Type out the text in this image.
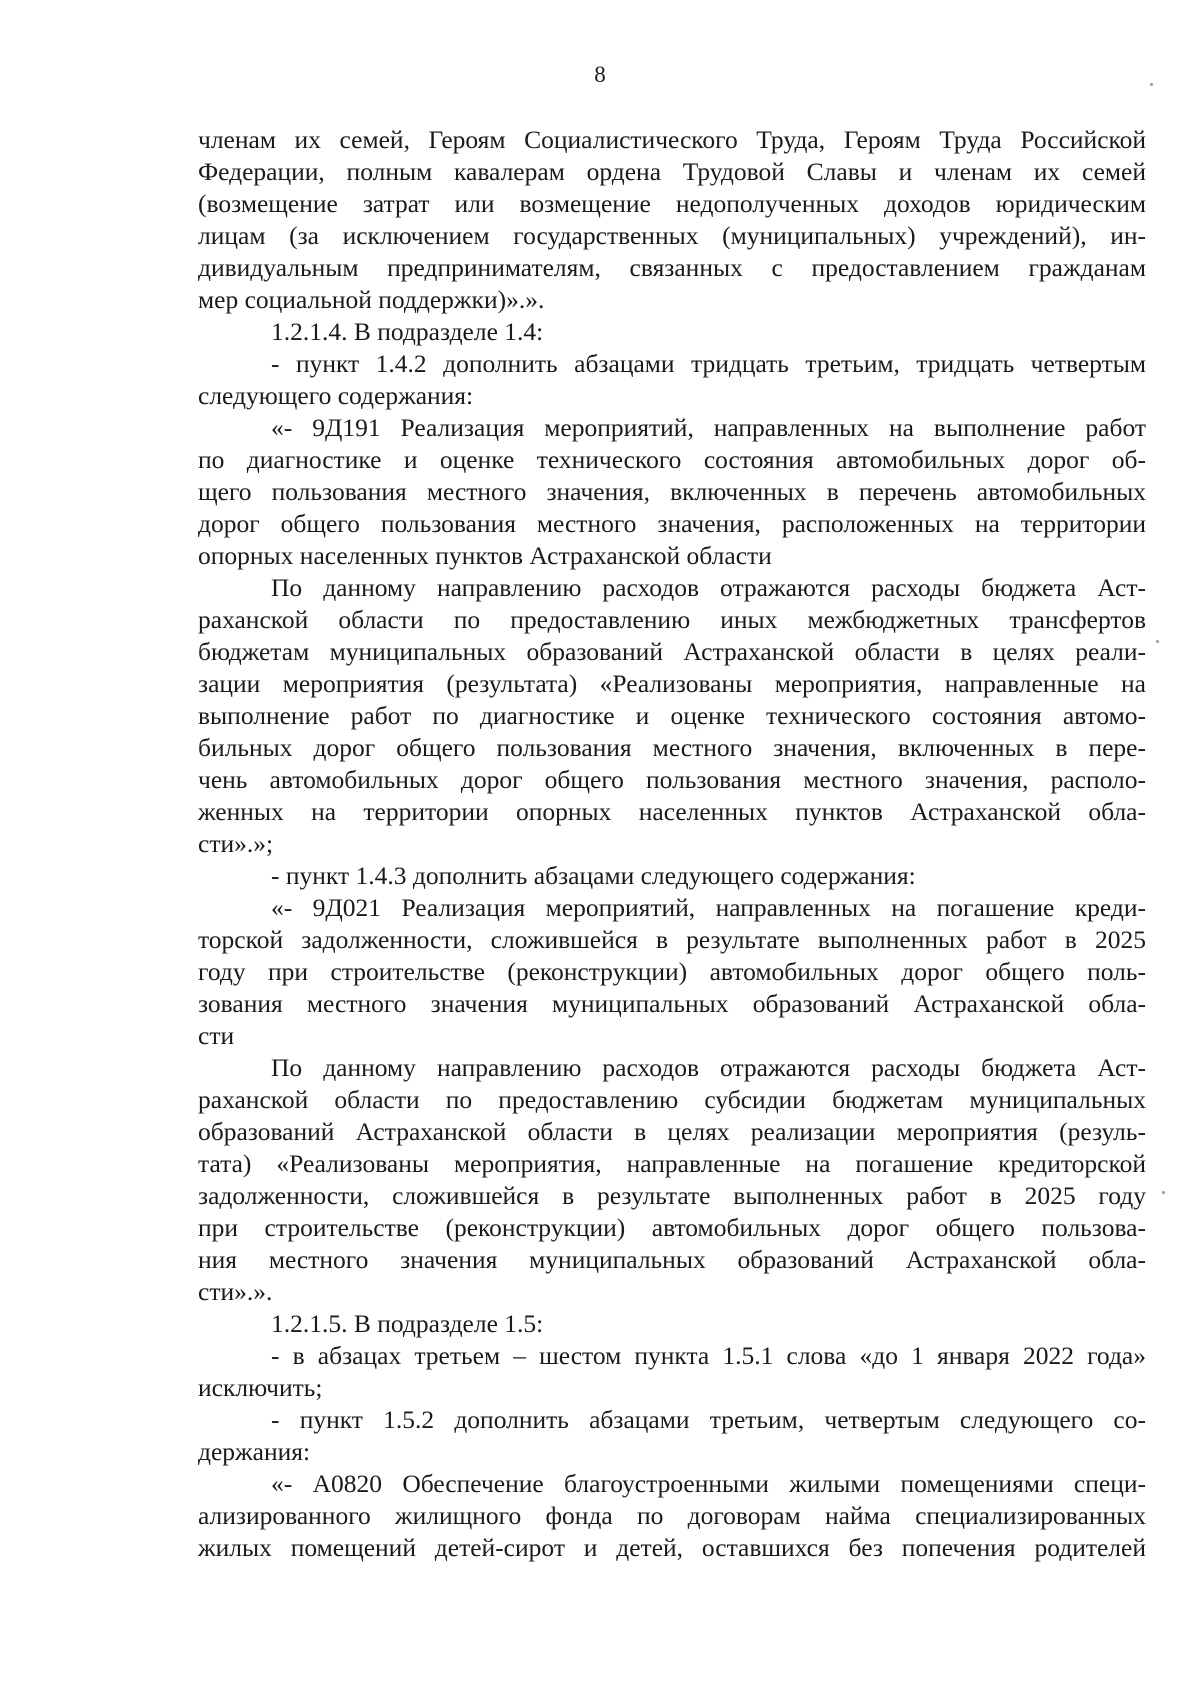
8
членам их семей, Героям Социалистического Труда, Героям Труда Российской
Федерации, полным кавалерам ордена Трудовой Славы и членам их семей
(возмещение затрат или возмещение недополученных доходов юридическим
лицам (за исключением государственных (муниципальных) учреждений), ин-
дивидуальным предпринимателям, связанных с предоставлением гражданам
мер социальной поддержки)».».
1.2.1.4. В подразделе 1.4:
- пункт 1.4.2 дополнить абзацами тридцать третьим, тридцать четвертым
следующего содержания:
«- 9Д191 Реализация мероприятий, направленных на выполнение работ
по диагностике и оценке технического состояния автомобильных дорог об-
щего пользования местного значения, включенных в перечень автомобильных
дорог общего пользования местного значения, расположенных на территории
опорных населенных пунктов Астраханской области
По данному направлению расходов отражаются расходы бюджета Аст-
раханской области по предоставлению иных межбюджетных трансфертов
бюджетам муниципальных образований Астраханской области в целях реали-
зации мероприятия (результата) «Реализованы мероприятия, направленные на
выполнение работ по диагностике и оценке технического состояния автомо-
бильных дорог общего пользования местного значения, включенных в пере-
чень автомобильных дорог общего пользования местного значения, располо-
женных на территории опорных населенных пунктов Астраханской обла-
сти».»;
- пункт 1.4.3 дополнить абзацами следующего содержания:
«- 9Д021 Реализация мероприятий, направленных на погашение креди-
торской задолженности, сложившейся в результате выполненных работ в 2025
году при строительстве (реконструкции) автомобильных дорог общего поль-
зования местного значения муниципальных образований Астраханской обла-
сти
По данному направлению расходов отражаются расходы бюджета Аст-
раханской области по предоставлению субсидии бюджетам муниципальных
образований Астраханской области в целях реализации мероприятия (резуль-
тата) «Реализованы мероприятия, направленные на погашение кредиторской
задолженности, сложившейся в результате выполненных работ в 2025 году
при строительстве (реконструкции) автомобильных дорог общего пользова-
ния местного значения муниципальных образований Астраханской обла-
сти».».
1.2.1.5. В подразделе 1.5:
- в абзацах третьем – шестом пункта 1.5.1 слова «до 1 января 2022 года»
исключить;
- пункт 1.5.2 дополнить абзацами третьим, четвертым следующего со-
держания:
«- А0820 Обеспечение благоустроенными жилыми помещениями специ-
ализированного жилищного фонда по договорам найма специализированных
жилых помещений детей-сирот и детей, оставшихся без попечения родителей
